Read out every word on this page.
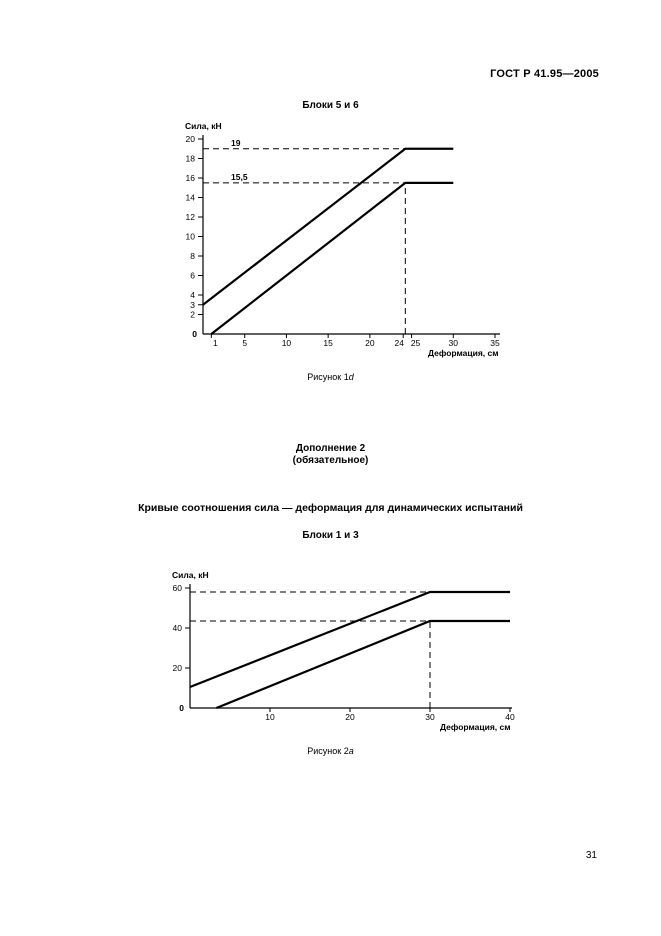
ГОСТ Р 41.95—2005
Блоки 5 и 6
2
3
4
6
8
10
12
14
16
18
20
1	5	10	15	20 24 25	30	35
0
Сила, кН
Деформация, см
19
15,5
Рисунок 1d
Дополнение 2
(обязательное)
Кривые соотношения сила — деформация для динамических испытаний
Блоки 1 и 3
20
40
60
10	20	30	40
0
Сила, кН
Деформация, см
Рисунок 2а
31
